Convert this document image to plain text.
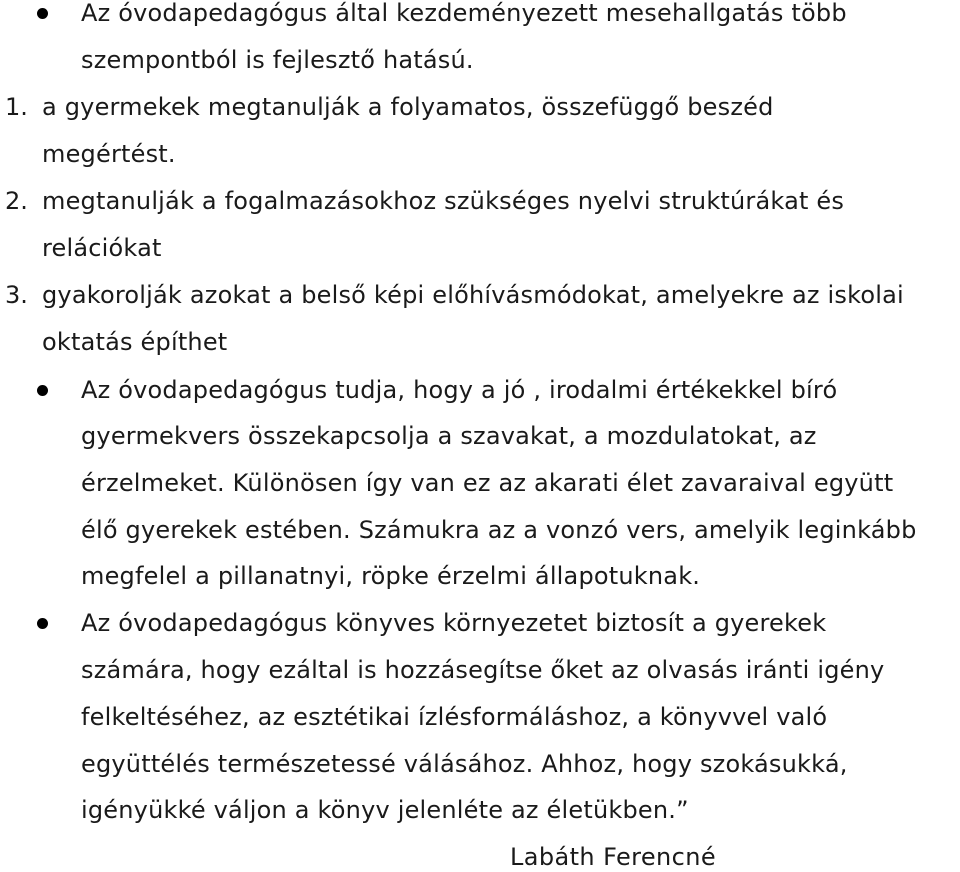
Az óvodapedagógus által kezdeményezett mesehallgatás több
szempontból is fejlesztő hatású.
1. a gyermekek megtanulják a folyamatos, összefüggő beszéd
megértést.
2. megtanulják a fogalmazásokhoz szükséges nyelvi struktúrákat és
relációkat
3. gyakorolják azokat a belső képi előhívásmódokat, amelyekre az iskolai
oktatás építhet
Az óvodapedagógus tudja, hogy a jó , irodalmi értékekkel bíró
gyermekvers összekapcsolja a szavakat, a mozdulatokat, az
érzelmeket. Különösen így van ez az akarati élet zavaraival együtt
élő gyerekek estében. Számukra az a vonzó vers, amelyik leginkább
megfelel a pillanatnyi, röpke érzelmi állapotuknak.
Az óvodapedagógus könyves környezetet biztosít a gyerekek
számára, hogy ezáltal is hozzásegítse őket az olvasás iránti igény
felkeltéséhez, az esztétikai ízlésformáláshoz, a könyvvel való
együttélés természetessé válásához. Ahhoz, hogy szokásukká,
igényükké váljon a könyv jelenléte az életükben.”
Labáth Ferencné
